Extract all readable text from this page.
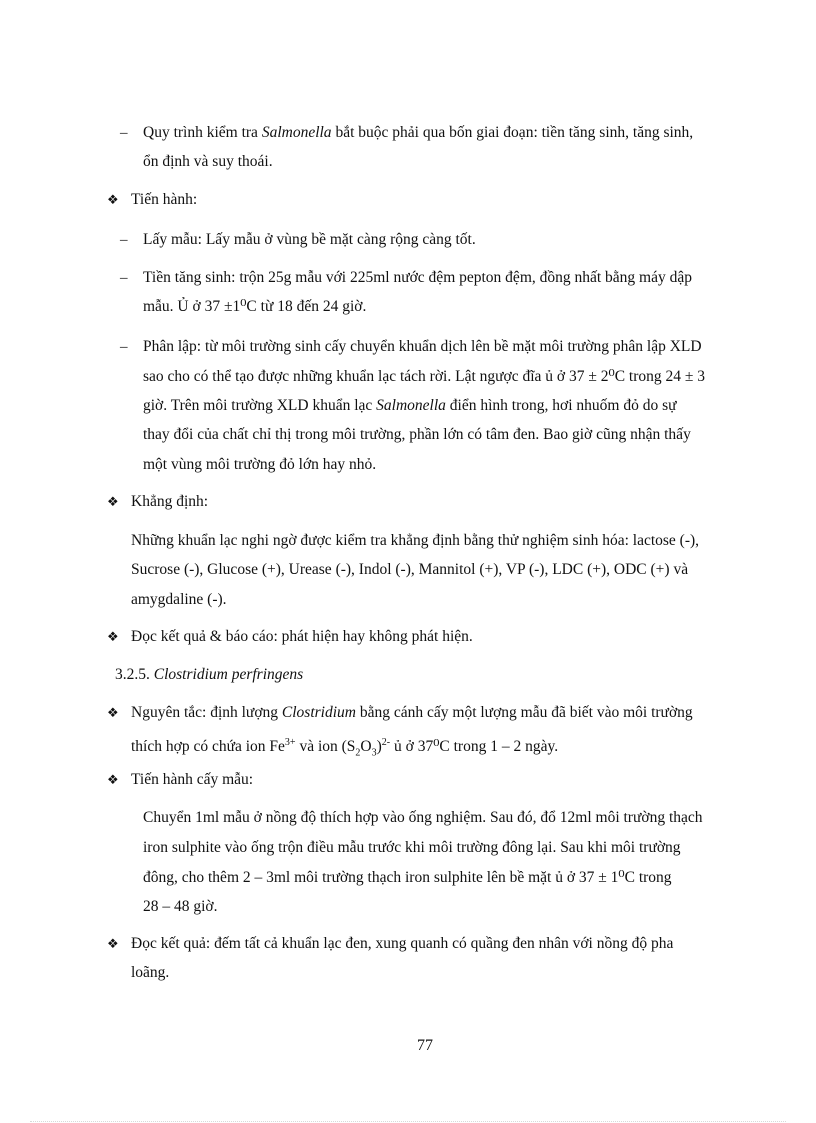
– Quy trình kiểm tra Salmonella bắt buộc phải qua bốn giai đoạn: tiền tăng sinh, tăng sinh,
ổn định và suy thoái.
❖ Tiến hành:
– Lấy mẫu: Lấy mẫu ở vùng bề mặt càng rộng càng tốt.
– Tiền tăng sinh: trộn 25g mẫu với 225ml nước đệm pepton đệm, đồng nhất bằng máy dập
mẫu. Ủ ở 37 ±1⁰C từ 18 đến 24 giờ.
– Phân lập: từ môi trường sinh cấy chuyển khuẩn dịch lên bề mặt môi trường phân lập XLD
sao cho có thể tạo được những khuẩn lạc tách rời. Lật ngược đĩa ủ ở 37 ± 2⁰C trong 24 ± 3
giờ. Trên môi trường XLD khuẩn lạc Salmonella điển hình trong, hơi nhuốm đỏ do sự
thay đổi của chất chỉ thị trong môi trường, phần lớn có tâm đen. Bao giờ cũng nhận thấy
một vùng môi trường đỏ lớn hay nhỏ.
❖ Khẳng định:
Những khuẩn lạc nghi ngờ được kiểm tra khẳng định bằng thử nghiệm sinh hóa: lactose (-),
Sucrose (-), Glucose (+), Urease (-), Indol (-), Mannitol (+), VP (-), LDC (+), ODC (+) và
amygdaline (-).
❖ Đọc kết quả & báo cáo: phát hiện hay không phát hiện.
3.2.5. Clostridium perfringens
❖ Nguyên tắc: định lượng Clostridium bằng cánh cấy một lượng mẫu đã biết vào môi trường
thích hợp có chứa ion $Fe^{3+}$ và ion $(S_2O_3)^{2-}$ ủ ở 37⁰C trong 1 – 2 ngày.
❖ Tiến hành cấy mẫu:
Chuyển 1ml mẫu ở nồng độ thích hợp vào ống nghiệm. Sau đó, đổ 12ml môi trường thạch
iron sulphite vào ống trộn điều mẫu trước khi môi trường đông lại. Sau khi môi trường
đông, cho thêm 2 – 3ml môi trường thạch iron sulphite lên bề mặt ủ ở 37 ± 1⁰C trong
28 – 48 giờ.
❖ Đọc kết quả: đếm tất cả khuẩn lạc đen, xung quanh có quầng đen nhân với nồng độ pha
loãng.
77
